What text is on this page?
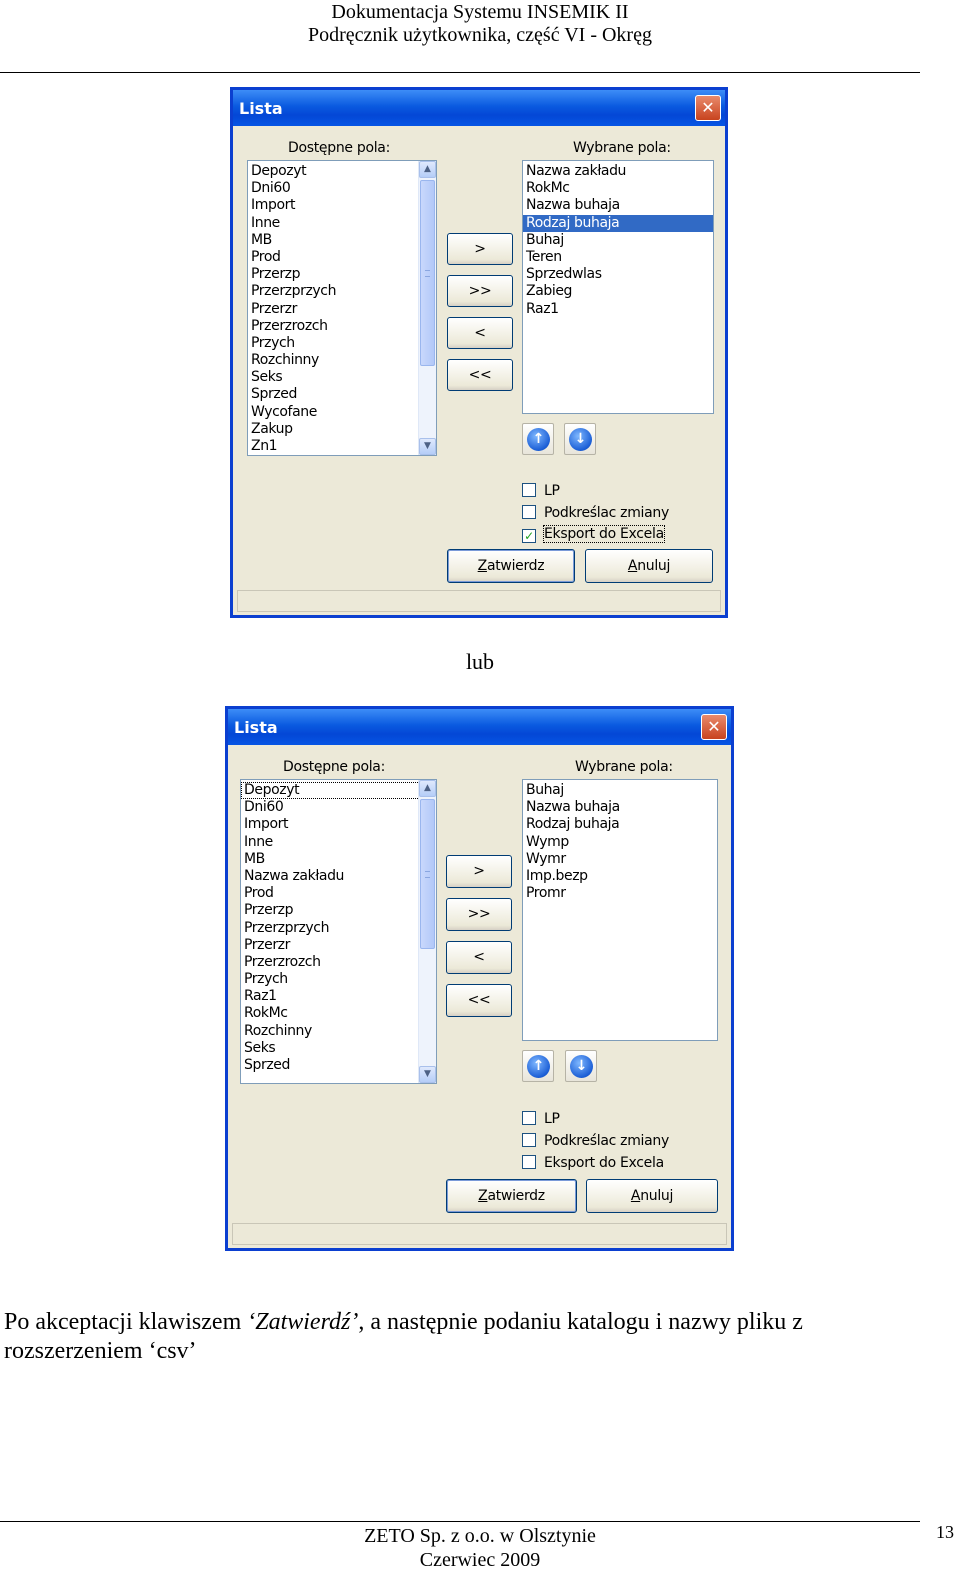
Dokumentacja Systemu INSEMIK II
Podręcznik użytkownika, część VI - Okręg
Lista	✕
Dostępne pola:	Wybrane pola:
Depozyt
Dni60
Import
Inne
MB
Prod
Przerzp
Przerzprzych
Przerzr
Przerzrozch
Przych
Rozchinny
Seks
Sprzed
Wycofane
Zakup
Zn1
▲
▼
>
>>
<
<<
Nazwa zakładu
RokMc
Nazwa buhaja
Rodzaj buhaja
Buhaj
Teren
Sprzedwlas
Zabieg
Raz1
↑	↓
LP
Podkreślac zmiany
✓ Eksport do Excela
Zatwierdz	Anuluj
lub
Lista	✕
Dostępne pola:	Wybrane pola:
Depozyt
Dni60
Import
Inne
MB
Nazwa zakładu
Prod
Przerzp
Przerzprzych
Przerzr
Przerzrozch
Przych
Raz1
RokMc
Rozchinny
Seks
Sprzed
▲
▼
>
>>
<
<<
Buhaj
Nazwa buhaja
Rodzaj buhaja
Wymp
Wymr
Imp.bezp
Promr
↑	↓
LP
Podkreślac zmiany
Eksport do Excela
Zatwierdz	Anuluj
Po akceptacji klawiszem ‘Zatwierdź’, a następnie podaniu katalogu i nazwy pliku z rozszerzeniem ‘csv’
ZETO Sp. z o.o. w Olsztynie
Czerwiec 2009
13
